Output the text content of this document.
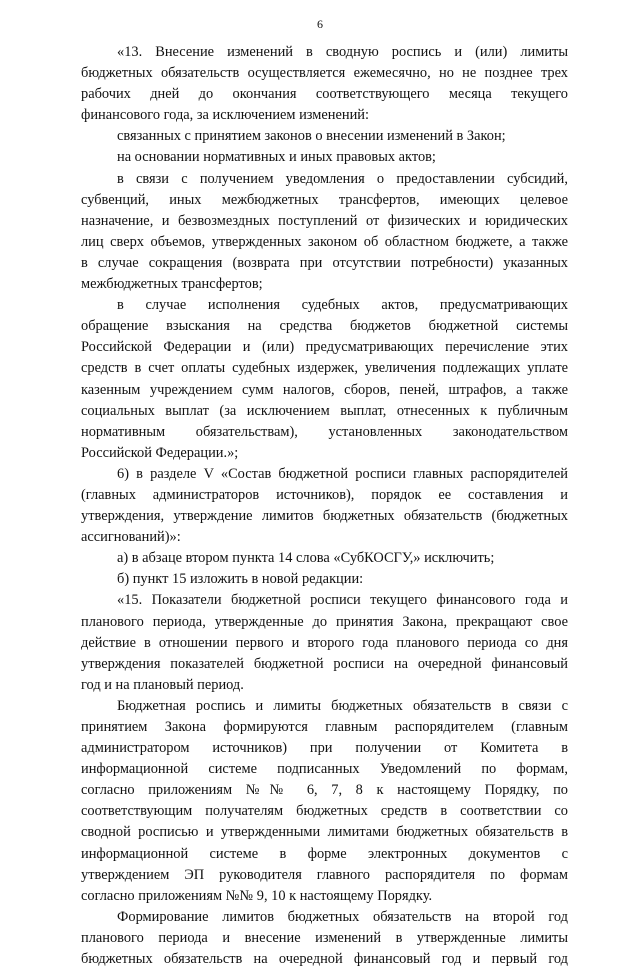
6
«13. Внесение изменений в сводную роспись и (или) лимиты
бюджетных обязательств осуществляется ежемесячно, но не позднее трех
рабочих дней до окончания соответствующего месяца текущего
финансового года, за исключением изменений:
связанных с принятием законов о внесении изменений в Закон;
на основании нормативных и иных правовых актов;
в связи с получением уведомления о предоставлении субсидий,
субвенций, иных межбюджетных трансфертов, имеющих целевое
назначение, и безвозмездных поступлений от физических и юридических
лиц сверх объемов, утвержденных законом об областном бюджете, а также
в случае сокращения (возврата при отсутствии потребности) указанных
межбюджетных трансфертов;
в случае исполнения судебных актов, предусматривающих
обращение взыскания на средства бюджетов бюджетной системы
Российской Федерации и (или) предусматривающих перечисление этих
средств в счет оплаты судебных издержек, увеличения подлежащих уплате
казенным учреждением сумм налогов, сборов, пеней, штрафов, а также
социальных выплат (за исключением выплат, отнесенных к публичным
нормативным обязательствам), установленных законодательством
Российской Федерации.»;
6) в разделе V «Состав бюджетной росписи главных распорядителей
(главных администраторов источников), порядок ее составления и
утверждения, утверждение лимитов бюджетных обязательств (бюджетных
ассигнований)»:
а) в абзаце втором пункта 14 слова «СубКОСГУ,» исключить;
б) пункт 15 изложить в новой редакции:
«15. Показатели бюджетной росписи текущего финансового года и
планового периода, утвержденные до принятия Закона, прекращают свое
действие в отношении первого и второго года планового периода со дня
утверждения показателей бюджетной росписи на очередной финансовый
год и на плановый период.
Бюджетная роспись и лимиты бюджетных обязательств в связи с
принятием Закона формируются главным распорядителем (главным
администратором источников) при получении от Комитета в
информационной системе подписанных Уведомлений по формам,
согласно приложениям №№ 6, 7, 8 к настоящему Порядку, по
соответствующим получателям бюджетных средств в соответствии со
сводной росписью и утвержденными лимитами бюджетных обязательств в
информационной системе в форме электронных документов с
утверждением ЭП руководителя главного распорядителя по формам
согласно приложениям №№ 9, 10 к настоящему Порядку.
Формирование лимитов бюджетных обязательств на второй год
планового периода и внесение изменений в утвержденные лимиты
бюджетных обязательств на очередной финансовый год и первый год
